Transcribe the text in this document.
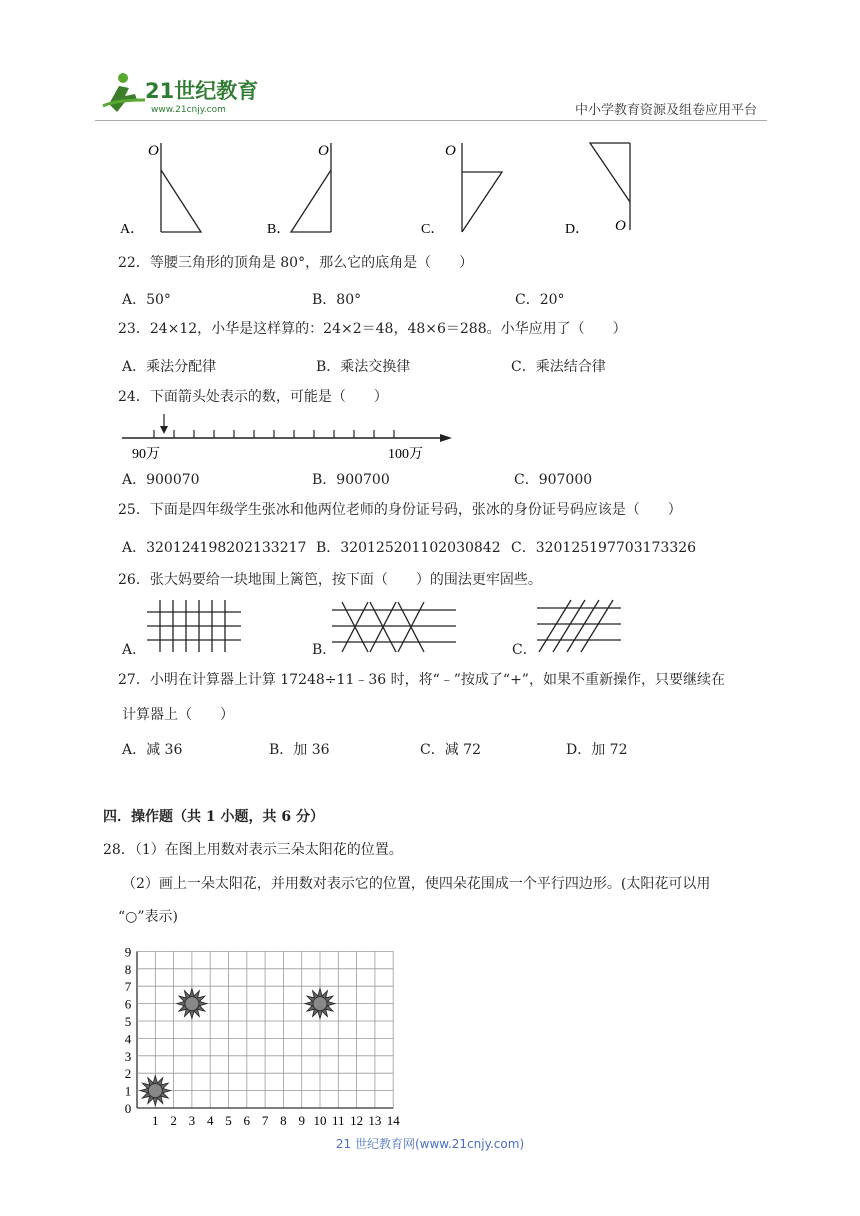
21世纪教育
www.21cnjy.com	中小学教育资源及组卷应用平台
A．
O
B．
O
C．
O
D． O
22．等腰三角形的顶角是 80°，那么它的底角是（　　）
A．50°	B．80°	C．20°
23．24×12，小华是这样算的：24×2＝48，48×6＝288。小华应用了（　　）
A．乘法分配律	B．乘法交换律	C．乘法结合律
24．下面箭头处表示的数，可能是（　　）
90万	100万
A．900070	B．900700	C．907000
25．下面是四年级学生张冰和他两位老师的身份证号码，张冰的身份证号码应该是（　　）
A．320124198202133217 B．320125201102030842 C．320125197703173326
26．张大妈要给一块地围上篱笆，按下面（　　）的围法更牢固些。
A．	B．	C．
27．小明在计算器上计算 17248÷11﹣36 时，将“﹣”按成了“+”，如果不重新操作，只要继续在
计算器上（　　）
A．减 36	B．加 36	C．减 72	D．加 72
四．操作题（共 1 小题，共 6 分）
28．（1）在图上用数对表示三朵太阳花的位置。
（2）画上一朵太阳花，并用数对表示它的位置，使四朵花围成一个平行四边形。(太阳花可以用
“○”表示)
1 2 3 4 5 6 7 8 9 10 11 12 13 14
0
1
2
3
4
5
6
7
8
9
21 世纪教育网(www.21cnjy.com)
